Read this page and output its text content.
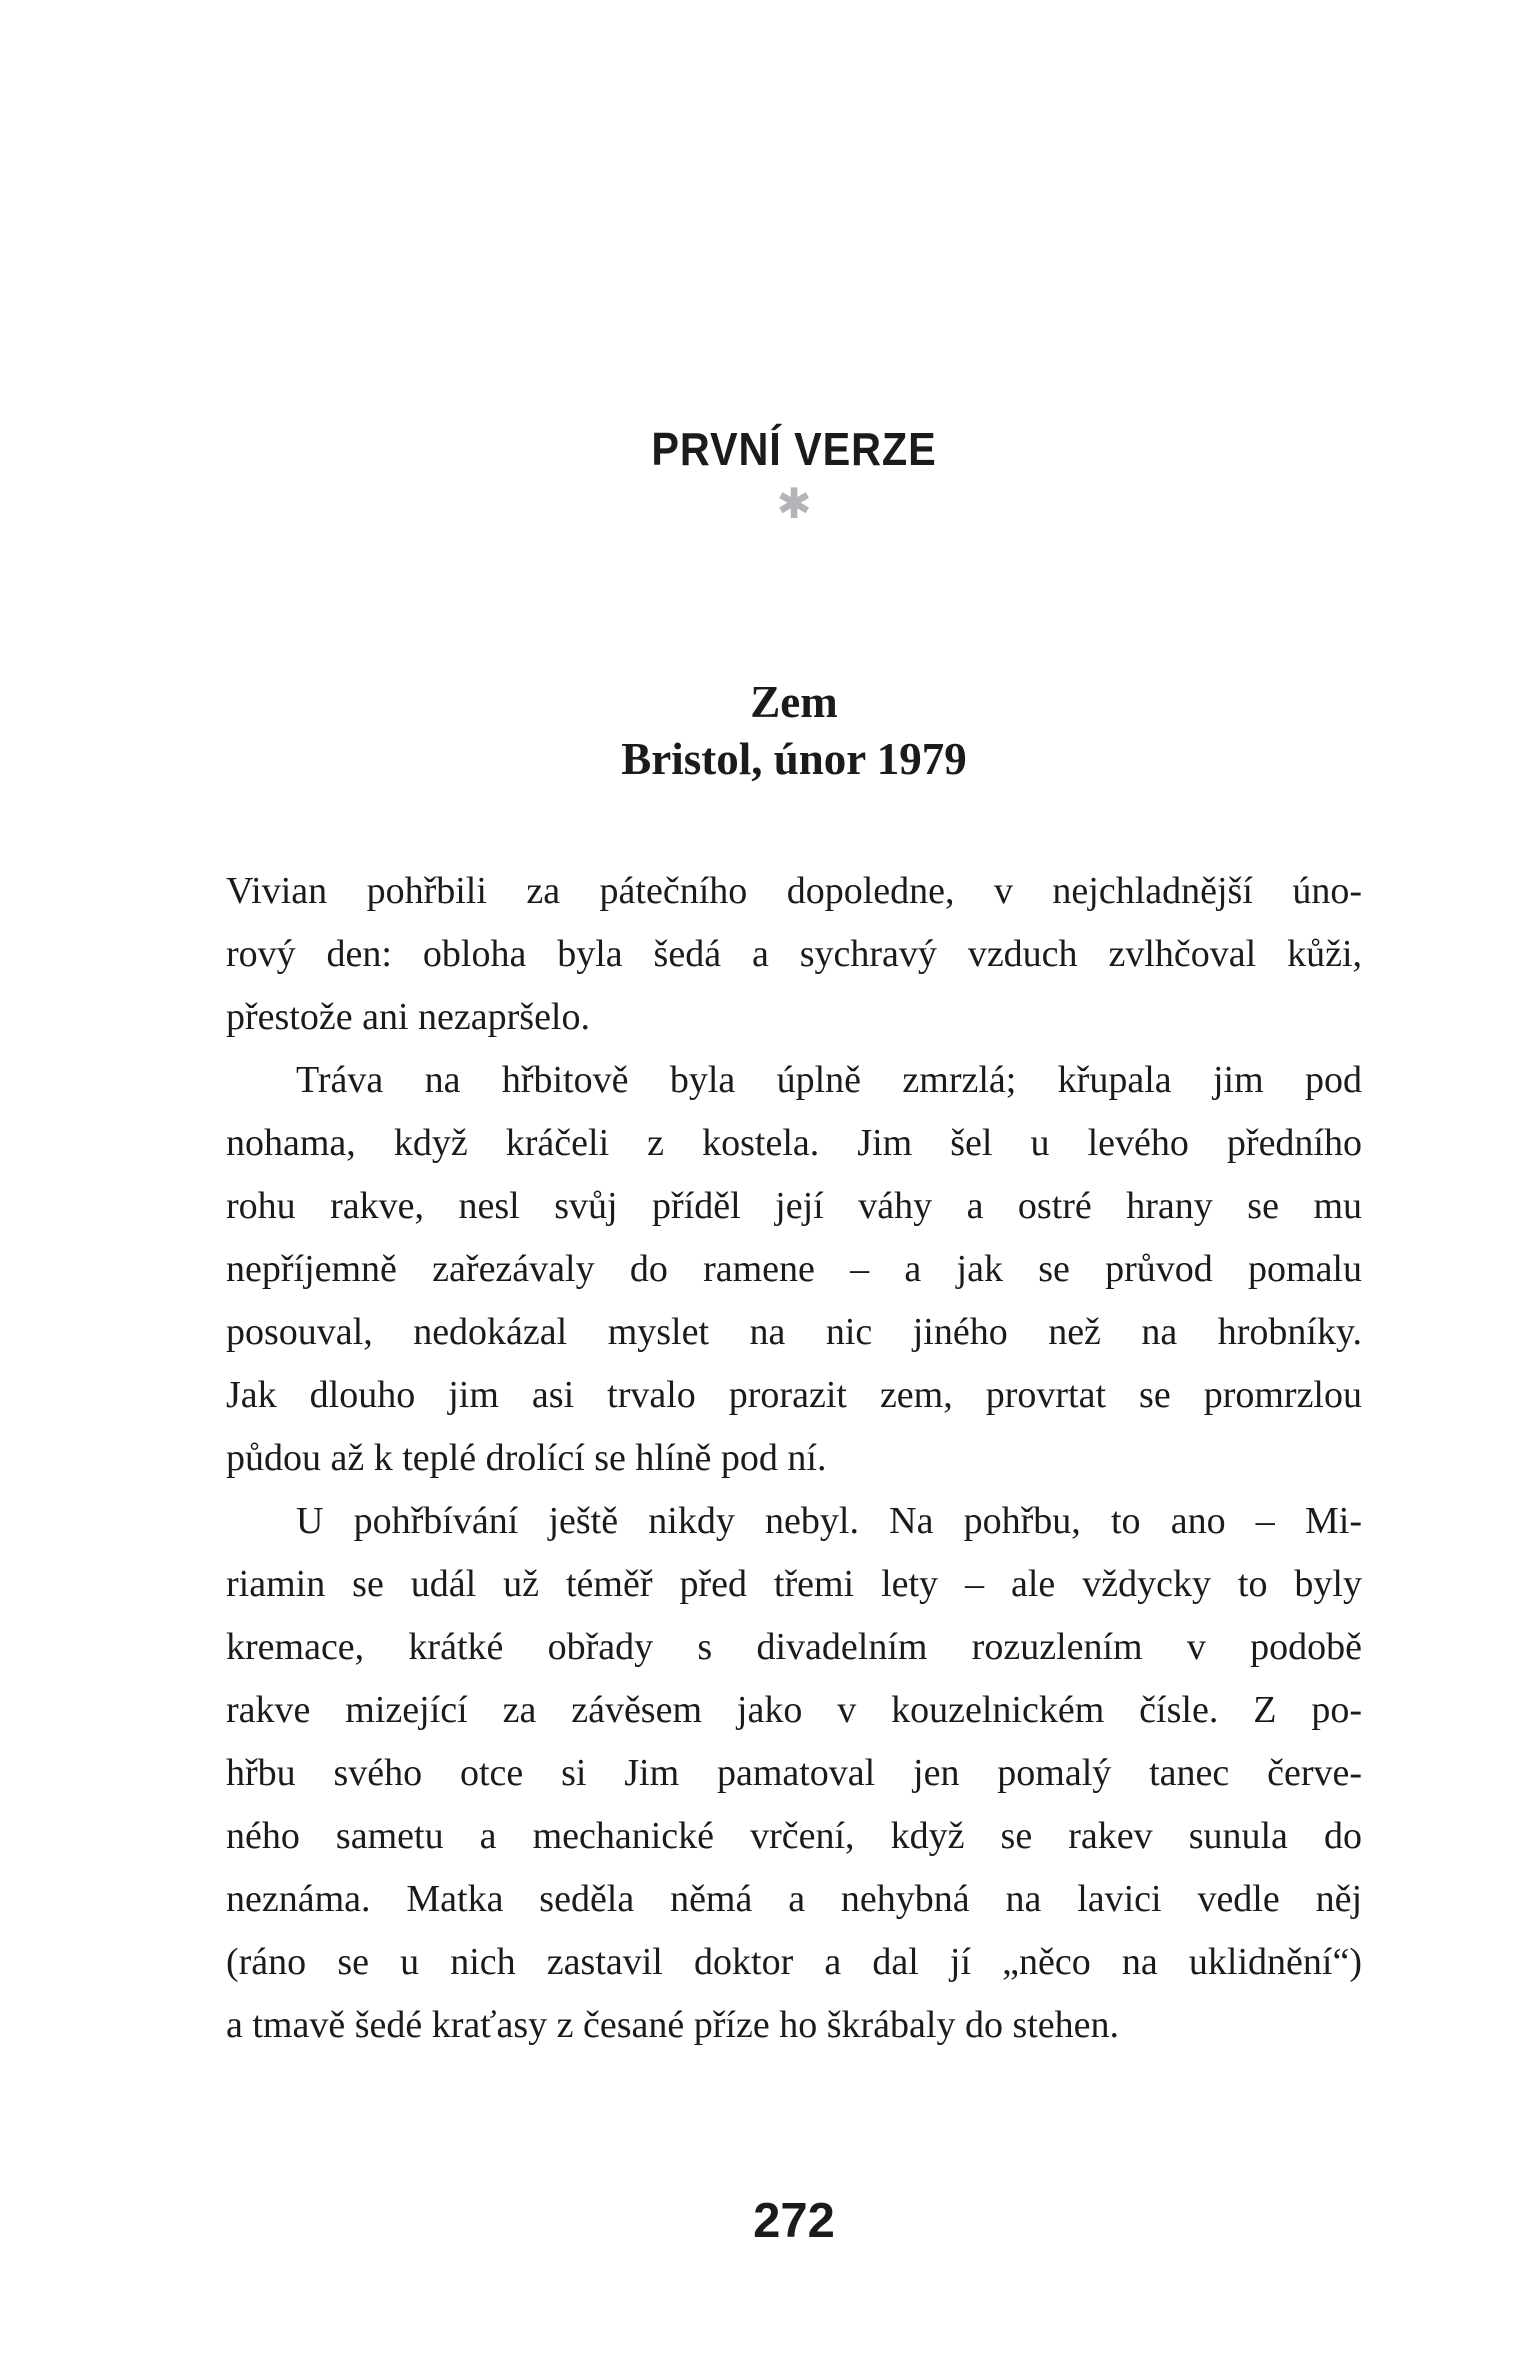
PRVNÍ VERZE
✱
Zem
Bristol, únor 1979
Vivian pohřbili za pátečního dopoledne, v nejchladnější úno-
rový den: obloha byla šedá a sychravý vzduch zvlhčoval kůži,
přestože ani nezapršelo.
Tráva na hřbitově byla úplně zmrzlá; křupala jim pod
nohama, když kráčeli z kostela. Jim šel u levého předního
rohu rakve, nesl svůj příděl její váhy a ostré hrany se mu
nepříjemně zařezávaly do ramene – a jak se průvod pomalu
posouval, nedokázal myslet na nic jiného než na hrobníky.
Jak dlouho jim asi trvalo prorazit zem, provrtat se promrzlou
půdou až k teplé drolící se hlíně pod ní.
U pohřbívání ještě nikdy nebyl. Na pohřbu, to ano – Mi-
riamin se udál už téměř před třemi lety – ale vždycky to byly
kremace, krátké obřady s divadelním rozuzlením v podobě
rakve mizející za závěsem jako v kouzelnickém čísle. Z po-
hřbu svého otce si Jim pamatoval jen pomalý tanec červe-
ného sametu a mechanické vrčení, když se rakev sunula do
neznáma. Matka seděla němá a nehybná na lavici vedle něj
(ráno se u nich zastavil doktor a dal jí „něco na uklidnění“)
a tmavě šedé kraťasy z česané příze ho škrábaly do stehen.
272
